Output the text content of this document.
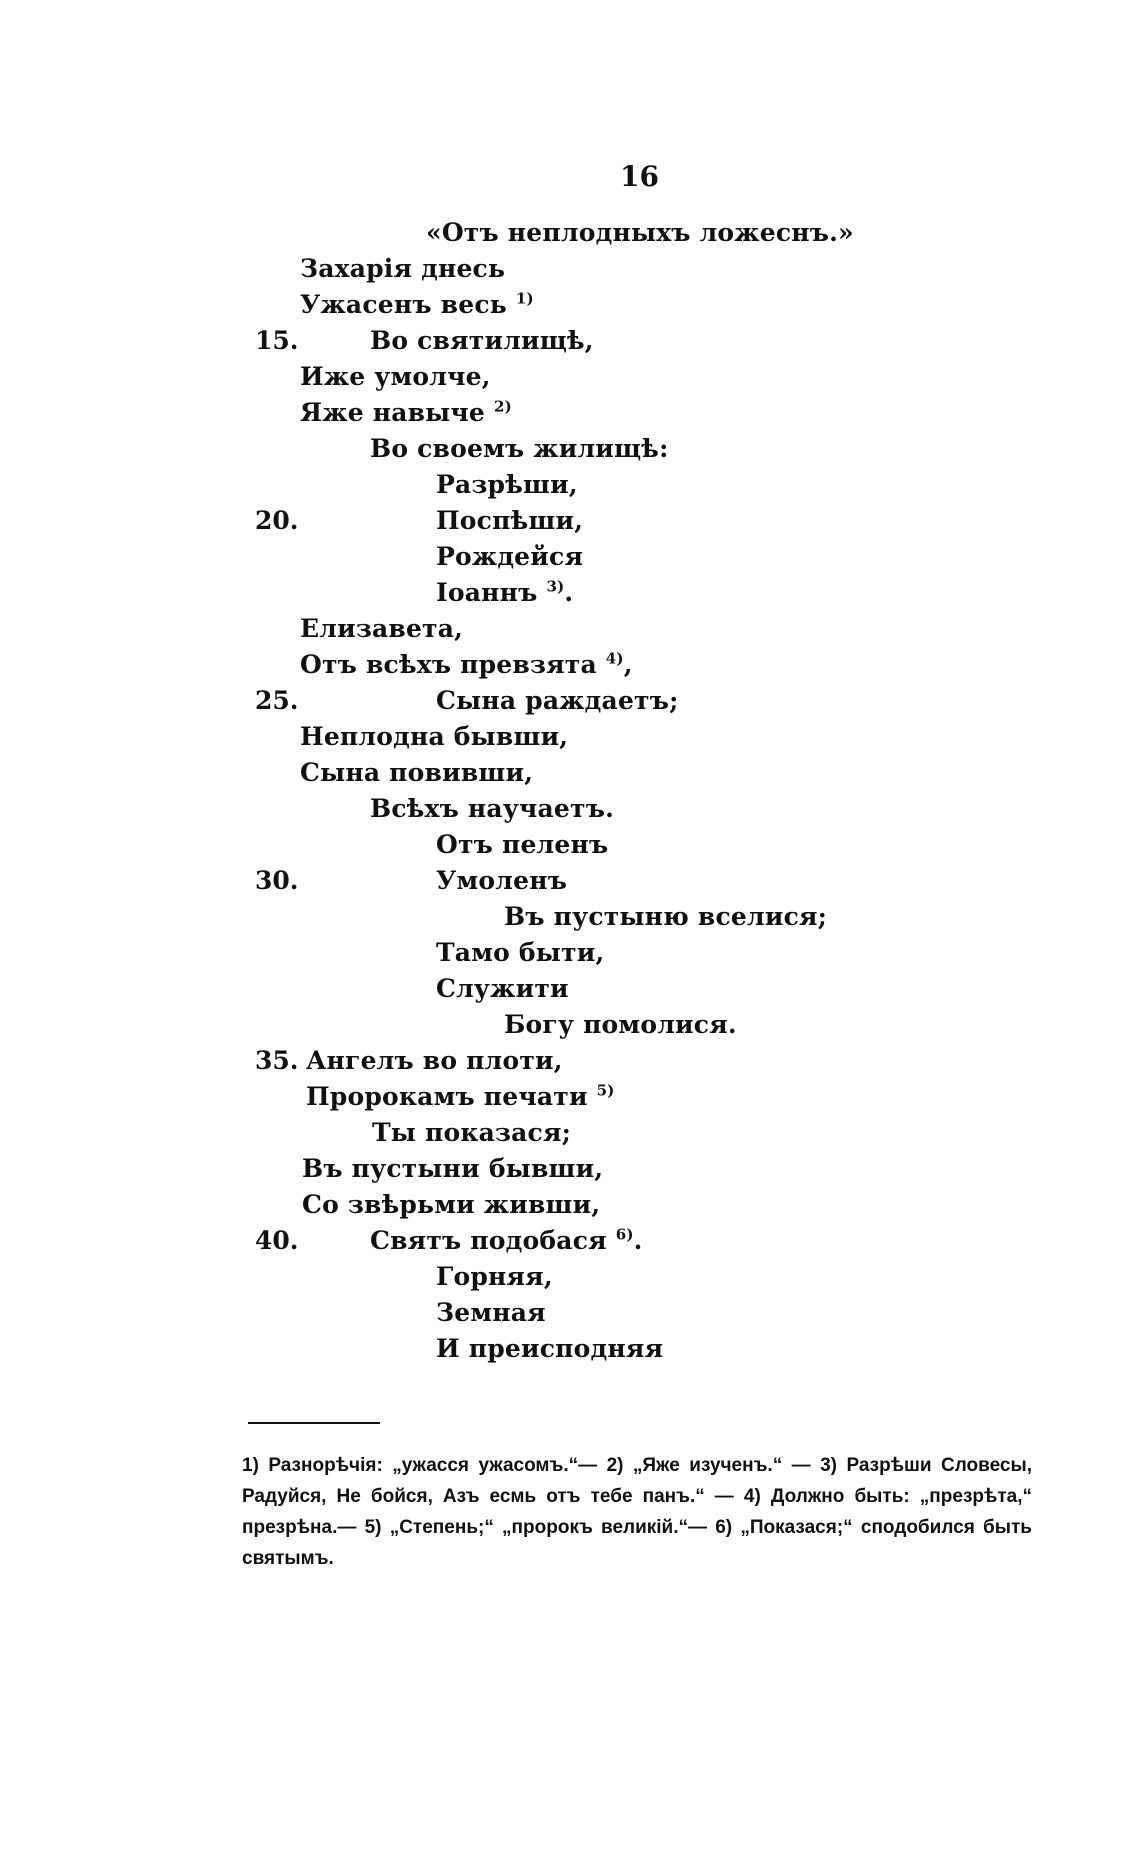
16
«Отъ неплодныхъ ложеснъ.»
Захарія днесь
Ужасенъ весь $^{1)}$
15.	Во святилищѣ,
Иже умолче,
Яже навыче $^{2)}$
Во своемъ жилищѣ:
Разрѣши,
20.	Поспѣши,
Рождейся
Іоаннъ $^{3)}$.
Елизавета,
Отъ всѣхъ превзята $^{4)}$,
25.	Сына раждаетъ;
Неплодна бывши,
Сына повивши,
Всѣхъ научаетъ.
Отъ пеленъ
30.	Умоленъ
Въ пустыню вселися;
Тамо быти,
Служити
Богу помолися.
35. Ангелъ во плоти,
Пророкамъ печати $^{5)}$
Ты показася;
Въ пустыни бывши,
Со звѣрьми живши,
40.	Святъ подобася $^{6)}$.
Горняя,
Земная
И преисподняя

1) Разнорѣчія: „ужасся ужасомъ.“— 2) „Яже изученъ.“ — 3) Разрѣши Словесы, Радуйся, Не бойся, Азъ есмь отъ тебе панъ.“ — 4) Должно быть: „презрѣта,“ презрѣна.— 5) „Степень;“ „пророкъ великій.“— 6) „Показася;“ сподобился быть святымъ.
